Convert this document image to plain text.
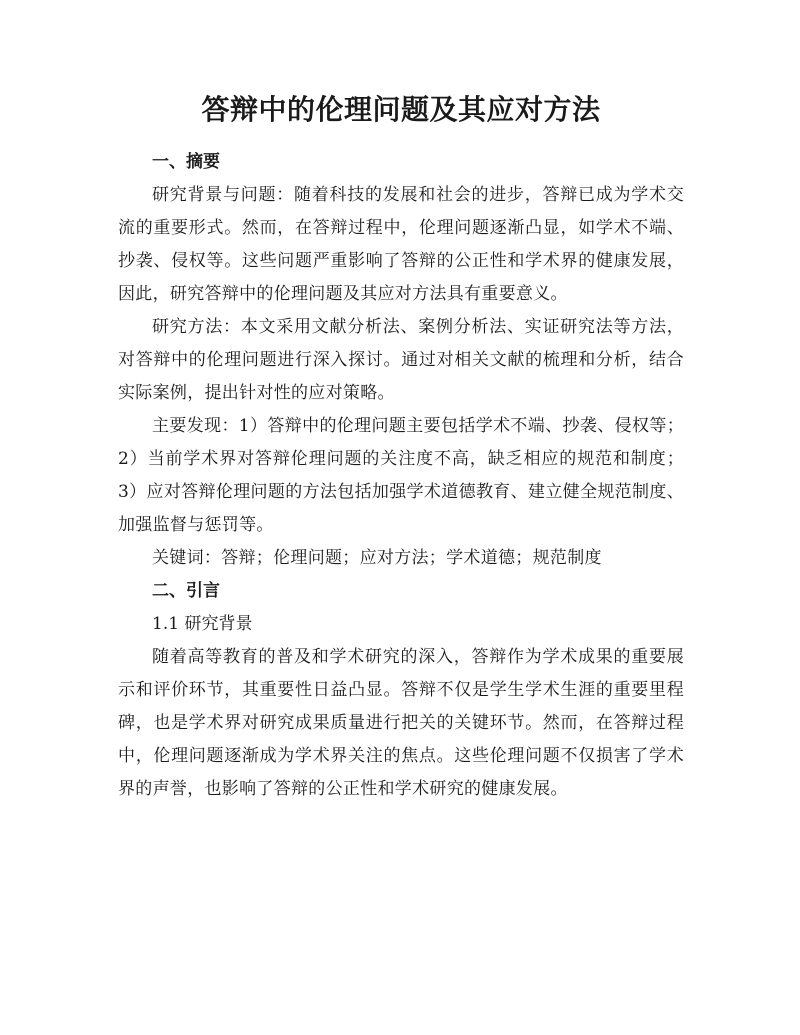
答辩中的伦理问题及其应对方法

一、摘要

研究背景与问题：随着科技的发展和社会的进步，答辩已成为学术交流的重要形式。然而，在答辩过程中，伦理问题逐渐凸显，如学术不端、抄袭、侵权等。这些问题严重影响了答辩的公正性和学术界的健康发展，因此，研究答辩中的伦理问题及其应对方法具有重要意义。

研究方法：本文采用文献分析法、案例分析法、实证研究法等方法，对答辩中的伦理问题进行深入探讨。通过对相关文献的梳理和分析，结合实际案例，提出针对性的应对策略。

主要发现：1）答辩中的伦理问题主要包括学术不端、抄袭、侵权等；2）当前学术界对答辩伦理问题的关注度不高，缺乏相应的规范和制度；3）应对答辩伦理问题的方法包括加强学术道德教育、建立健全规范制度、加强监督与惩罚等。

关键词：答辩；伦理问题；应对方法；学术道德；规范制度

二、引言

1.1 研究背景

随着高等教育的普及和学术研究的深入，答辩作为学术成果的重要展示和评价环节，其重要性日益凸显。答辩不仅是学生学术生涯的重要里程碑，也是学术界对研究成果质量进行把关的关键环节。然而，在答辩过程中，伦理问题逐渐成为学术界关注的焦点。这些伦理问题不仅损害了学术界的声誉，也影响了答辩的公正性和学术研究的健康发展。
